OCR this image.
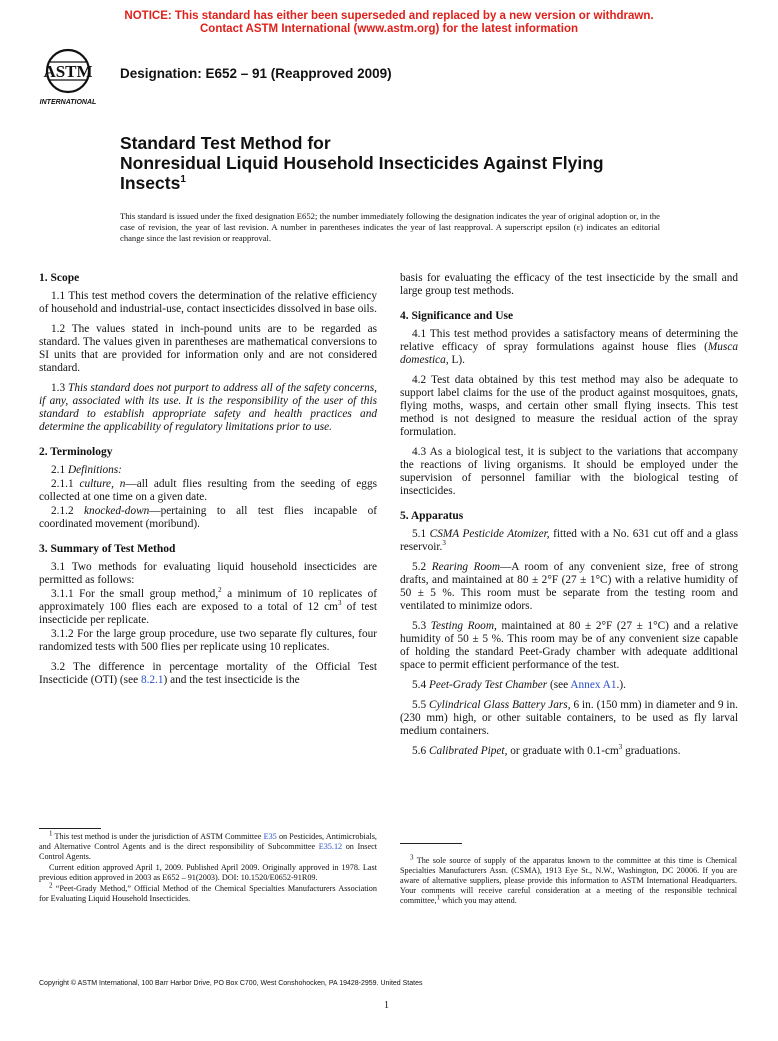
NOTICE: This standard has either been superseded and replaced by a new version or withdrawn.
Contact ASTM International (www.astm.org) for the latest information
ASTM
INTERNATIONAL
Designation: E652 – 91 (Reapproved 2009)
Standard Test Method for
Nonresidual Liquid Household Insecticides Against Flying
Insects$^1$
This standard is issued under the fixed designation E652; the number immediately following the designation indicates the year of original adoption or, in the case of revision, the year of last revision. A number in parentheses indicates the year of last reapproval. A superscript epsilon (ε) indicates an editorial change since the last revision or reapproval.
1. Scope

1.1 This test method covers the determination of the relative efficiency of household and industrial-use, contact insecticides dissolved in base oils.

1.2 The values stated in inch-pound units are to be regarded as standard. The values given in parentheses are mathematical conversions to SI units that are provided for information only and are not considered standard.

1.3 This standard does not purport to address all of the safety concerns, if any, associated with its use. It is the responsibility of the user of this standard to establish appropriate safety and health practices and determine the applicability of regulatory limitations prior to use.

2. Terminology

2.1 Definitions:

2.1.1 culture, n—all adult flies resulting from the seeding of eggs collected at one time on a given date.

2.1.2 knocked-down—pertaining to all test flies incapable of coordinated movement (moribund).

3. Summary of Test Method

3.1 Two methods for evaluating liquid household insecticides are permitted as follows:

3.1.1 For the small group method,$^2$ a minimum of 10 replicates of approximately 100 flies each are exposed to a total of 12 $cm^3$ of test insecticide per replicate.

3.1.2 For the large group procedure, use two separate fly cultures, four randomized tests with 500 flies per replicate using 10 replicates.

3.2 The difference in percentage mortality of the Official Test Insecticide (OTI) (see 8.2.1) and the test insecticide is the

basis for evaluating the efficacy of the test insecticide by the small and large group test methods.

4. Significance and Use

4.1 This test method provides a satisfactory means of determining the relative efficacy of spray formulations against house flies (Musca domestica, L).

4.2 Test data obtained by this test method may also be adequate to support label claims for the use of the product against mosquitoes, gnats, flying moths, wasps, and certain other small flying insects. This test method is not designed to measure the residual action of the spray formulation.

4.3 As a biological test, it is subject to the variations that accompany the reactions of living organisms. It should be employed under the supervision of personnel familiar with the biological testing of insecticides.

5. Apparatus

5.1 CSMA Pesticide Atomizer, fitted with a No. 631 cut off and a glass reservoir.$^3$

5.2 Rearing Room—A room of any convenient size, free of strong drafts, and maintained at 80 ± 2°F (27 ± 1°C) with a relative humidity of 50 ± 5 %. This room must be separate from the testing room and ventilated to minimize odors.

5.3 Testing Room, maintained at 80 ± 2°F (27 ± 1°C) and a relative humidity of 50 ± 5 %. This room may be of any convenient size capable of holding the standard Peet-Grady chamber with adequate additional space to permit efficient performance of the test.

5.4 Peet-Grady Test Chamber (see Annex A1.).

5.5 Cylindrical Glass Battery Jars, 6 in. (150 mm) in diameter and 9 in. (230 mm) high, or other suitable containers, to be used as fly larval medium containers.

5.6 Calibrated Pipet, or graduate with $0.1-cm^3$ graduations.

$^1$ This test method is under the jurisdiction of ASTM Committee E35 on Pesticides, Antimicrobials, and Alternative Control Agents and is the direct responsibility of Subcommittee E35.12 on Insect Control Agents.

Current edition approved April 1, 2009. Published April 2009. Originally approved in 1978. Last previous edition approved in 2003 as E652 – 91(2003). DOI: 10.1520/E0652-91R09.

$^2$ “Peet-Grady Method,” Official Method of the Chemical Specialties Manufacturers Association for Evaluating Liquid Household Insecticides.

$^3$ The sole source of supply of the apparatus known to the committee at this time is Chemical Specialties Manufacturers Assn. (CSMA), 1913 Eye St., N.W., Washington, DC 20006. If you are aware of alternative suppliers, please provide this information to ASTM International Headquarters. Your comments will receive careful consideration at a meeting of the responsible technical committee,$^1$ which you may attend.

Copyright © ASTM International, 100 Barr Harbor Drive, PO Box C700, West Conshohocken, PA 19428-2959. United States
1
